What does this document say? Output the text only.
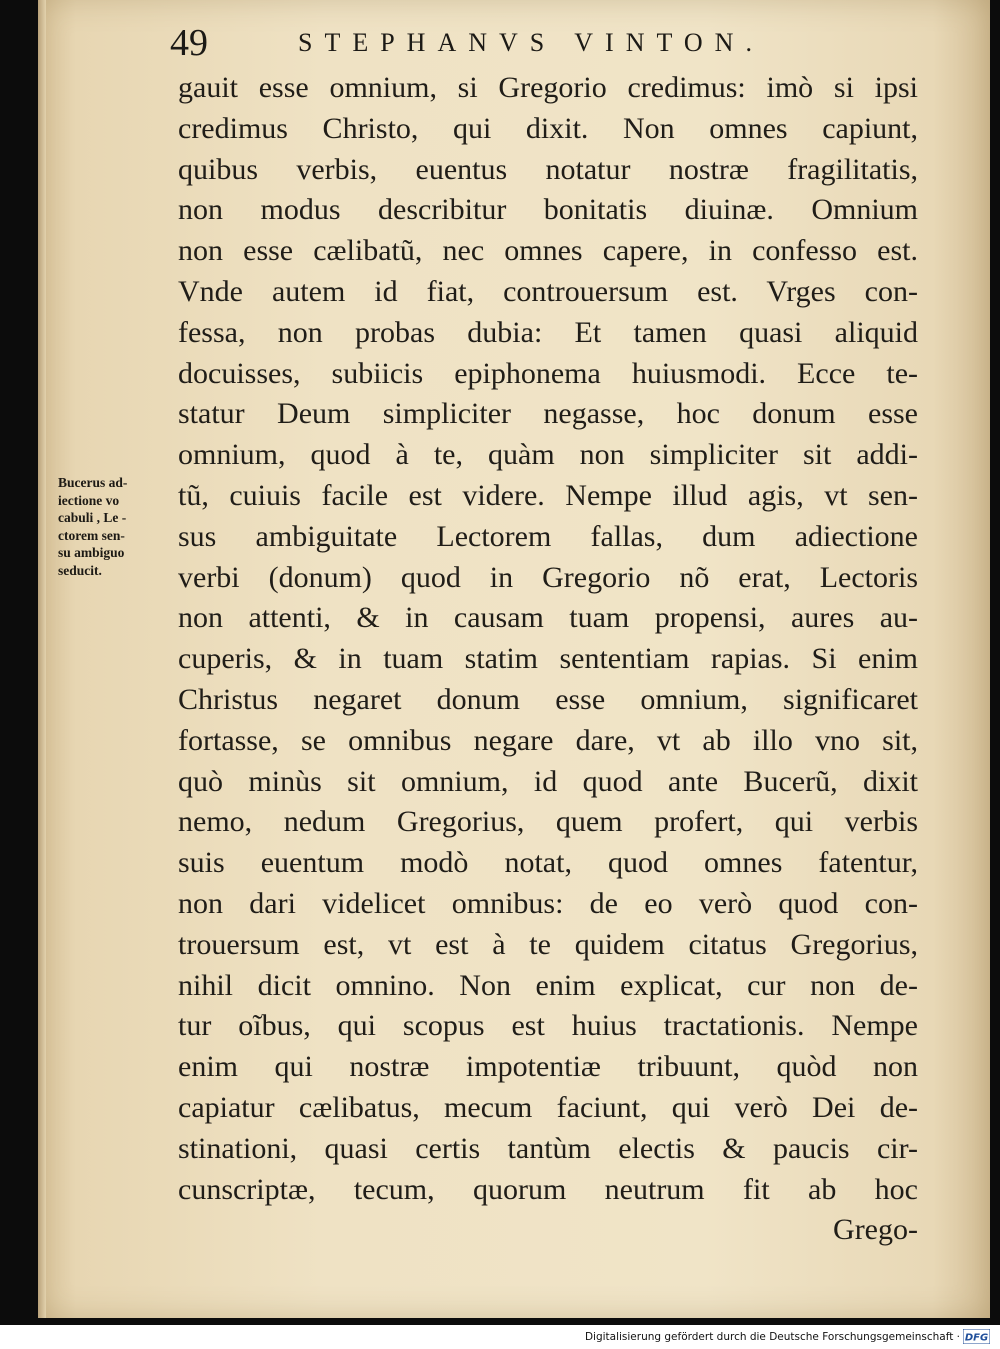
49	STEPHANVS VINTON.
Bucerus ad-
iectione vo
cabuli , Le -
ctorem sen-
su ambiguo
seducit.
gauit esse omnium, si Gregorio credimus: imò si ipsi
credimus Christo, qui dixit. Non omnes capiunt,
quibus verbis, euentus notatur nostræ fragilitatis,
non modus describitur bonitatis diuinæ. Omnium
non esse cælibatũ, nec omnes capere, in confesso est.
Vnde autem id fiat, controuersum est. Vrges con-
fessa, non probas dubia: Et tamen quasi aliquid
docuisses, subiicis epiphonema huiusmodi. Ecce te-
statur Deum simpliciter negasse, hoc donum esse
omnium, quod à te, quàm non simpliciter sit addi-
tũ, cuiuis facile est videre. Nempe illud agis, vt sen-
sus ambiguitate Lectorem fallas, dum adiectione
verbi (donum) quod in Gregorio nõ erat, Lectoris
non attenti, & in causam tuam propensi, aures au-
cuperis, & in tuam statim sententiam rapias. Si enim
Christus negaret donum esse omnium, significaret
fortasse, se omnibus negare dare, vt ab illo vno sit,
quò minùs sit omnium, id quod ante Bucerũ, dixit
nemo, nedum Gregorius, quem profert, qui verbis
suis euentum modò notat, quod omnes fatentur,
non dari videlicet omnibus: de eo verò quod con-
trouersum est, vt est à te quidem citatus Gregorius,
nihil dicit omnino. Non enim explicat, cur non de-
tur oĩbus, qui scopus est huius tractationis. Nempe
enim qui nostræ impotentiæ tribuunt, quòd non
capiatur cælibatus, mecum faciunt, qui verò Dei de-
stinationi, quasi certis tantùm electis & paucis cir-
cunscriptæ, tecum, quorum neutrum fit ab hoc
Grego-
Digitalisierung gefördert durch die Deutsche Forschungsgemeinschaft · DFG
